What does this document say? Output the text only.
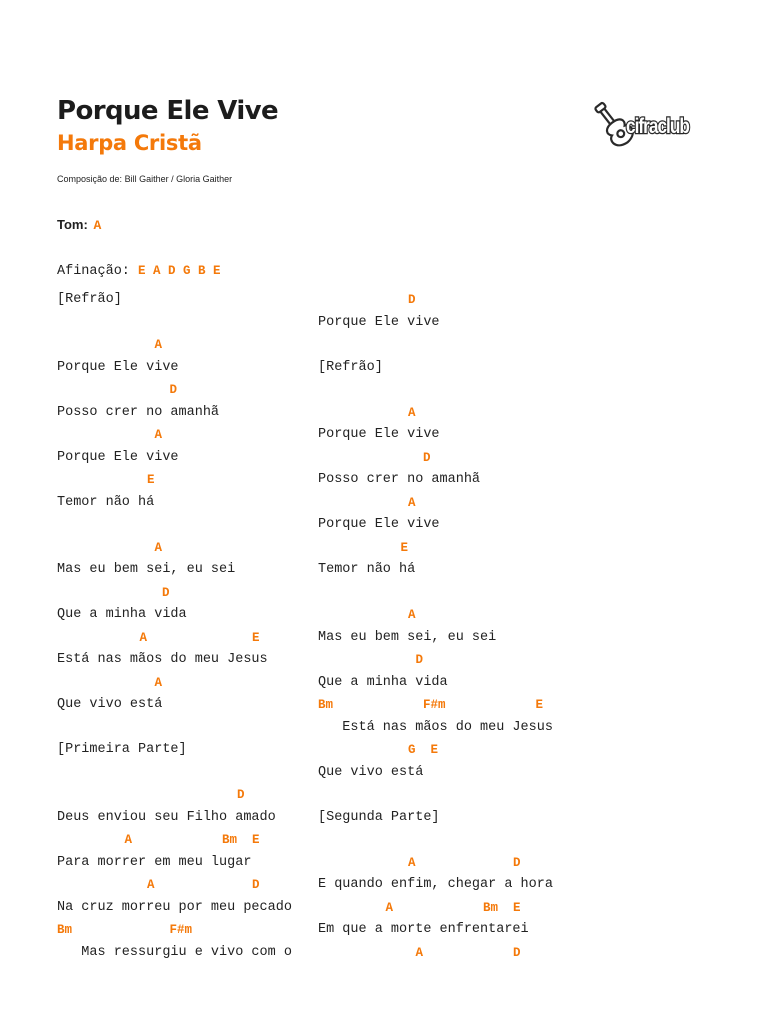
Porque Ele Vive
Harpa Cristã
Composição de: Bill Gaither / Gloria Gaither
cifraclub
Tom: A
Afinação: E A D G B E
[Refrão]
A
Porque Ele vive
D
Posso crer no amanhã
A
Porque Ele vive
E
Temor não há
A
Mas eu bem sei, eu sei
D
Que a minha vida
A              E
Está nas mãos do meu Jesus
A
Que vivo está
[Primeira Parte]
D
Deus enviou seu Filho amado
A            Bm  E
Para morrer em meu lugar
A             D
Na cruz morreu por meu pecado
Bm             F#m
Mas ressurgiu e vivo com o
D
Porque Ele vive
[Refrão]
A
Porque Ele vive
D
Posso crer no amanhã
A
Porque Ele vive
E
Temor não há
A
Mas eu bem sei, eu sei
D
Que a minha vida
Bm            F#m            E
Está nas mãos do meu Jesus
G  E
Que vivo está
[Segunda Parte]
A             D
E quando enfim, chegar a hora
A            Bm  E
Em que a morte enfrentarei
A            D
